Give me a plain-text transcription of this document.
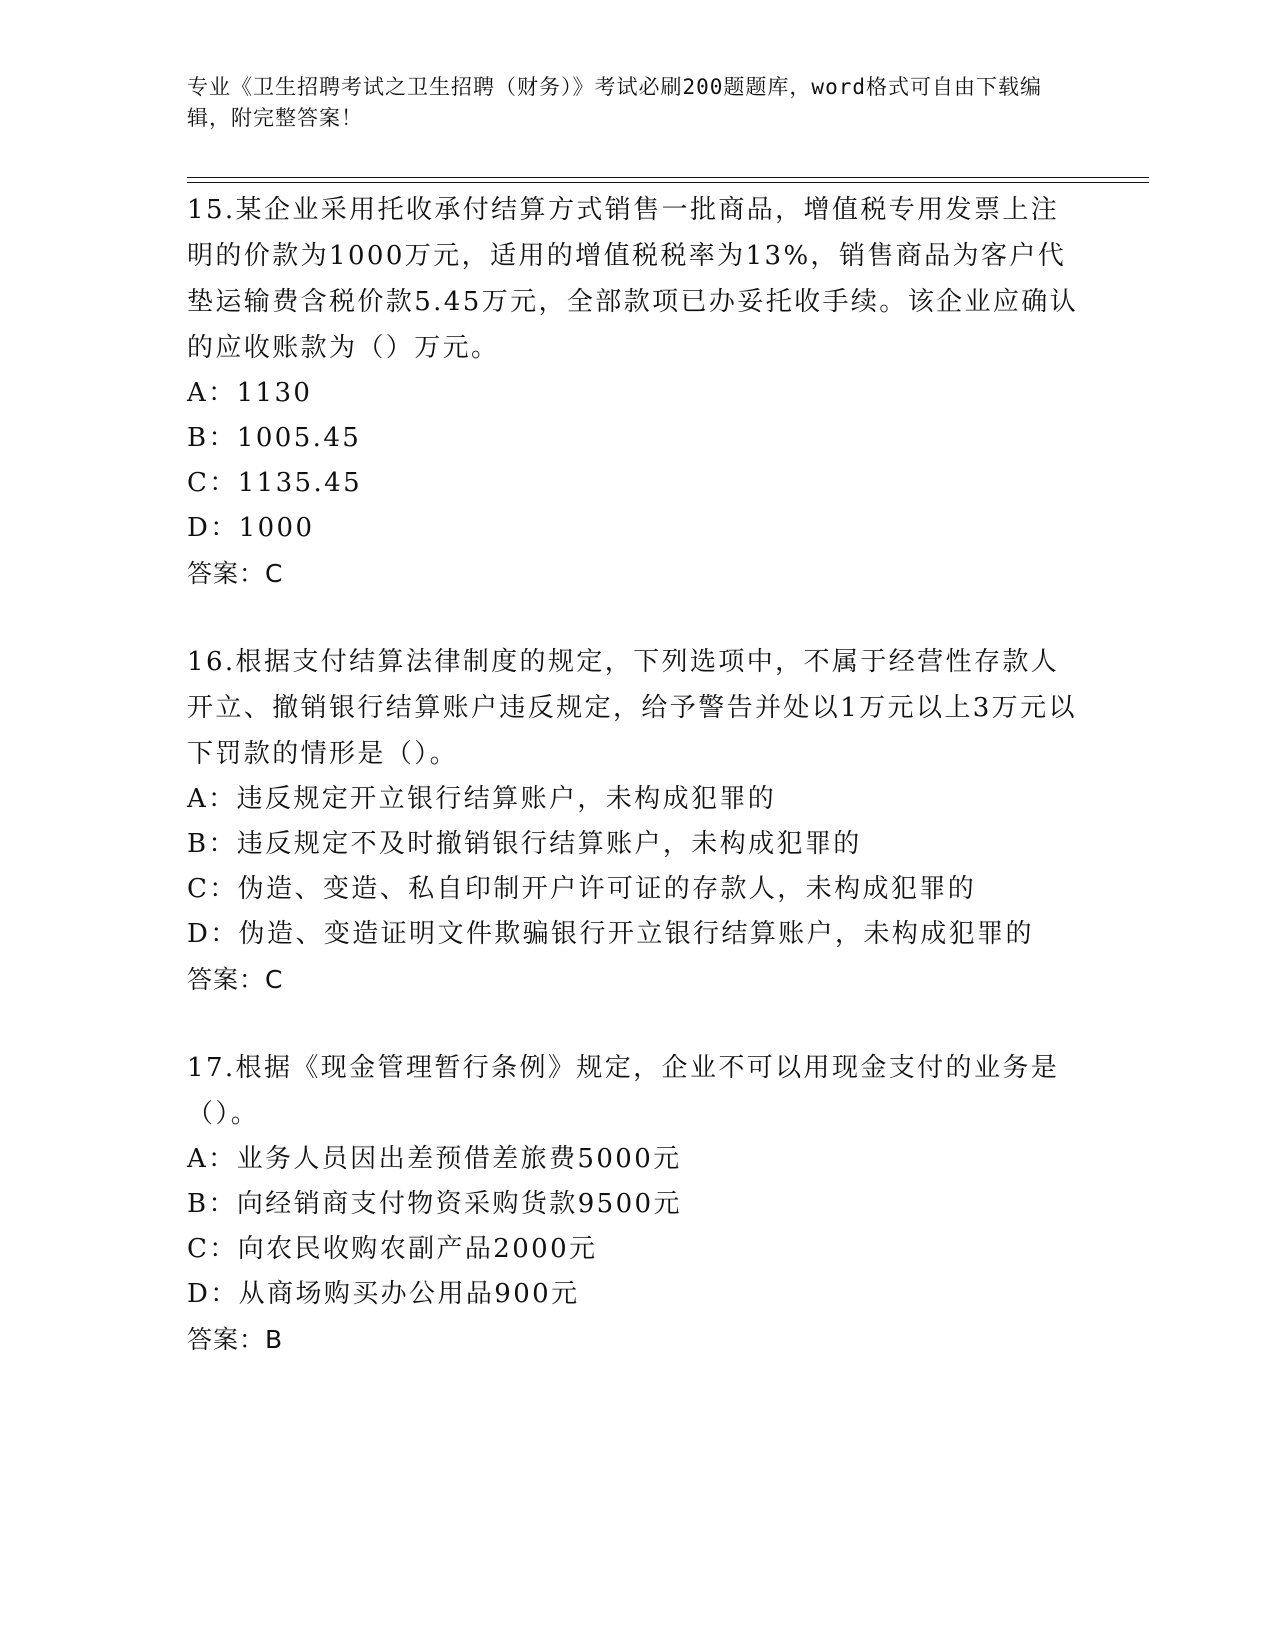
专业《卫生招聘考试之卫生招聘（财务）》考试必刷200题题库，word格式可自由下载编辑，附完整答案！

15.某企业采用托收承付结算方式销售一批商品，增值税专用发票上注明的价款为1000万元，适用的增值税税率为13%，销售商品为客户代垫运输费含税价款5.45万元，全部款项已办妥托收手续。该企业应确认的应收账款为（）万元。

A：1130

B：1005.45

C：1135.45

D：1000

答案：C

16.根据支付结算法律制度的规定，下列选项中，不属于经营性存款人开立、撤销银行结算账户违反规定，给予警告并处以1万元以上3万元以下罚款的情形是（）。

A：违反规定开立银行结算账户，未构成犯罪的

B：违反规定不及时撤销银行结算账户，未构成犯罪的

C：伪造、变造、私自印制开户许可证的存款人，未构成犯罪的

D：伪造、变造证明文件欺骗银行开立银行结算账户，未构成犯罪的

答案：C

17.根据《现金管理暂行条例》规定，企业不可以用现金支付的业务是（）。

A：业务人员因出差预借差旅费5000元

B：向经销商支付物资采购货款9500元

C：向农民收购农副产品2000元

D：从商场购买办公用品900元

答案：B
